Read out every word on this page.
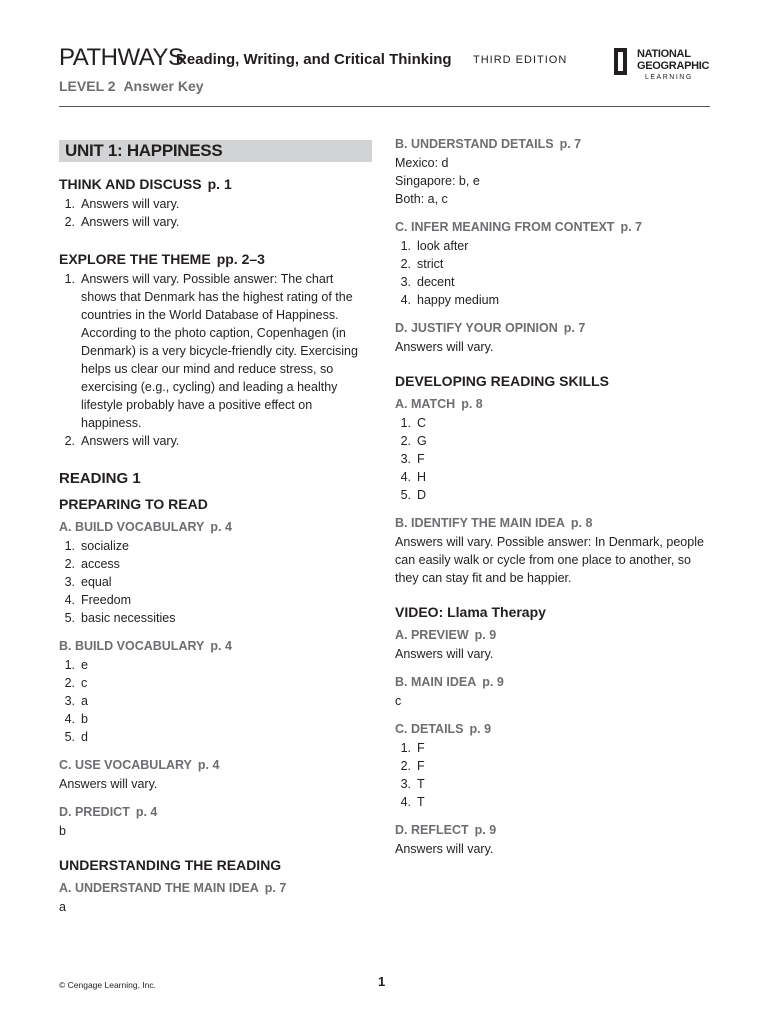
PATHWAYS
Reading, Writing, and Critical Thinking THIRD EDITION
LEVEL 2 Answer Key
NATIONAL
GEOGRAPHIC
LEARNING
UNIT 1: HAPPINESS
THINK AND DISCUSS p. 1
1. Answers will vary.
2. Answers will vary.
EXPLORE THE THEME pp. 2–3
1. Answers will vary. Possible answer: The chart shows that Denmark has the highest rating of the countries in the World Database of Happiness. According to the photo caption, Copenhagen (in Denmark) is a very bicycle-friendly city. Exercising helps us clear our mind and reduce stress, so exercising (e.g., cycling) and leading a healthy lifestyle probably have a positive effect on happiness.
2. Answers will vary.
READING 1
PREPARING TO READ
A. BUILD VOCABULARY p. 4
1. socialize
2. access
3. equal
4. Freedom
5. basic necessities
B. BUILD VOCABULARY p. 4
1. e
2. c
3. a
4. b
5. d
C. USE VOCABULARY p. 4
Answers will vary.
D. PREDICT p. 4
b
UNDERSTANDING THE READING
A. UNDERSTAND THE MAIN IDEA p. 7
a
B. UNDERSTAND DETAILS p. 7
Mexico: d
Singapore: b, e
Both: a, c
C. INFER MEANING FROM CONTEXT p. 7
1. look after
2. strict
3. decent
4. happy medium
D. JUSTIFY YOUR OPINION p. 7
Answers will vary.
DEVELOPING READING SKILLS
A. MATCH p. 8
1. C
2. G
3. F
4. H
5. D
B. IDENTIFY THE MAIN IDEA p. 8
Answers will vary. Possible answer: In Denmark, people can easily walk or cycle from one place to another, so they can stay fit and be happier.
VIDEO: Llama Therapy
A. PREVIEW p. 9
Answers will vary.
B. MAIN IDEA p. 9
c
C. DETAILS p. 9
1. F
2. F
3. T
4. T
D. REFLECT p. 9
Answers will vary.
© Cengage Learning, Inc.	1
